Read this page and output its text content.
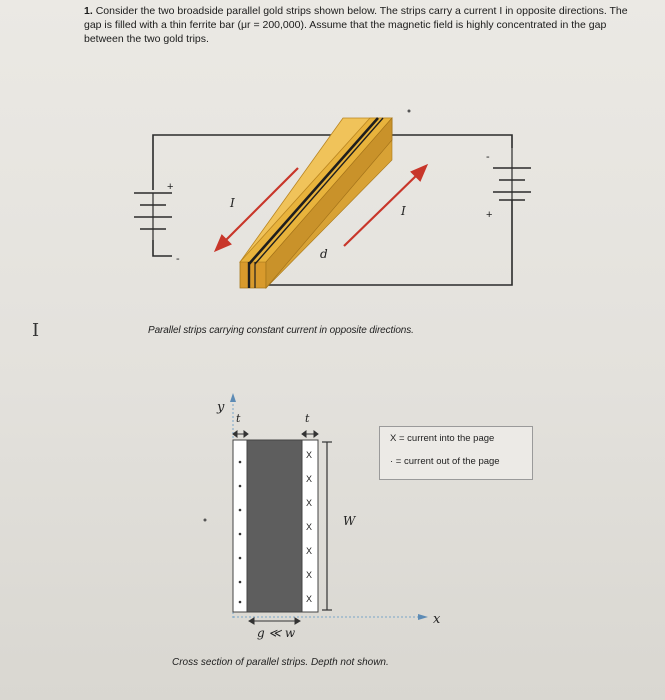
1. Consider the two broadside parallel gold strips shown below. The strips carry a current I in opposite directions. The gap is filled with a thin ferrite bar (μr = 200,000). Assume that the magnetic field is highly concentrated in the gap between the two gold trips.
+
-
-
+
I
I
d
I	Parallel strips carrying constant current in opposite directions.
X
X
X
X
X
X
X
y
t	t
W
x
g ≪ w
X = current into the page
· = current out of the page
Cross section of parallel strips. Depth not shown.
